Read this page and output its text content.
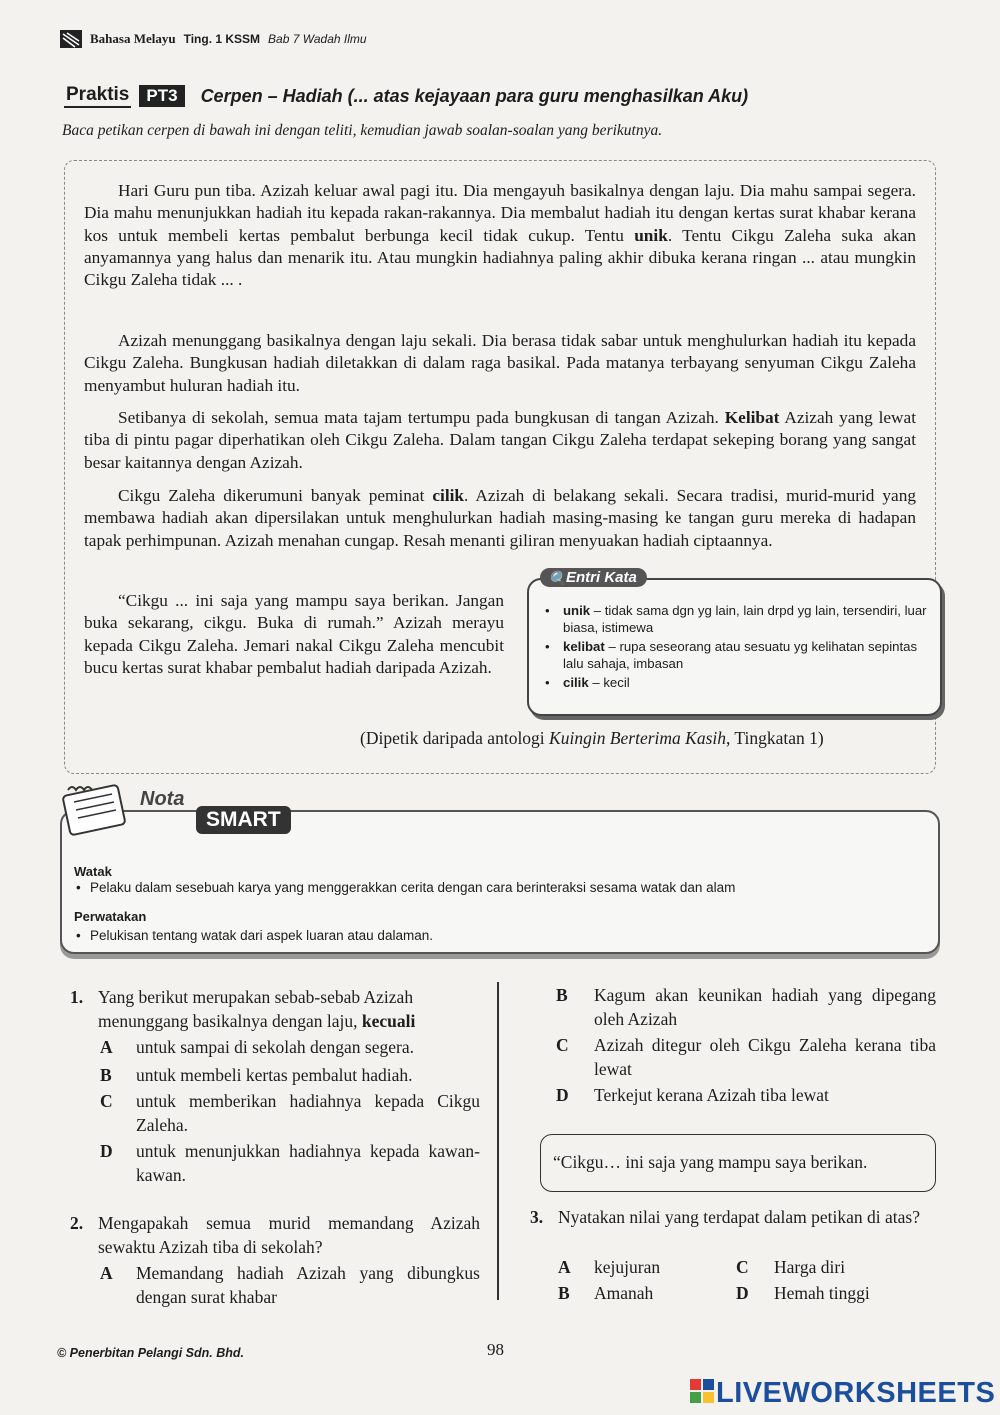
Bahasa Melayu Ting. 1 KSSM Bab 7 Wadah Ilmu
Praktis	PT3	Cerpen – Hadiah (... atas kejayaan para guru menghasilkan Aku)
Baca petikan cerpen di bawah ini dengan teliti, kemudian jawab soalan-soalan yang berikutnya.
Hari Guru pun tiba. Azizah keluar awal pagi itu. Dia mengayuh basikalnya dengan laju. Dia mahu sampai segera. Dia mahu menunjukkan hadiah itu kepada rakan-rakannya. Dia membalut hadiah itu dengan kertas surat khabar kerana kos untuk membeli kertas pembalut berbunga kecil tidak cukup. Tentu unik. Tentu Cikgu Zaleha suka akan anyamannya yang halus dan menarik itu. Atau mungkin hadiahnya paling akhir dibuka kerana ringan ... atau mungkin Cikgu Zaleha tidak ... .
Azizah menunggang basikalnya dengan laju sekali. Dia berasa tidak sabar untuk menghulurkan hadiah itu kepada Cikgu Zaleha. Bungkusan hadiah diletakkan di dalam raga basikal. Pada matanya terbayang senyuman Cikgu Zaleha menyambut huluran hadiah itu.
Setibanya di sekolah, semua mata tajam tertumpu pada bungkusan di tangan Azizah. Kelibat Azizah yang lewat tiba di pintu pagar diperhatikan oleh Cikgu Zaleha. Dalam tangan Cikgu Zaleha terdapat sekeping borang yang sangat besar kaitannya dengan Azizah.
Cikgu Zaleha dikerumuni banyak peminat cilik. Azizah di belakang sekali. Secara tradisi, murid-murid yang membawa hadiah akan dipersilakan untuk menghulurkan hadiah masing-masing ke tangan guru mereka di hadapan tapak perhimpunan. Azizah menahan cungap. Resah menanti giliran menyuakan hadiah ciptaannya.
“Cikgu ... ini saja yang mampu saya berikan. Jangan buka sekarang, cikgu. Buka di rumah.” Azizah merayu kepada Cikgu Zaleha. Jemari nakal Cikgu Zaleha mencubit bucu kertas surat khabar pembalut hadiah daripada Azizah.
• unik – tidak sama dgn yg lain, lain drpd yg lain, tersendiri, luar biasa, istimewa
• kelibat – rupa seseorang atau sesuatu yg kelihatan sepintas lalu sahaja, imbasan
• cilik – kecil
🔍 Entri Kata
(Dipetik daripada antologi Kuingin Berterima Kasih, Tingkatan 1)
Nota
SMART
Watak
• Pelaku dalam sesebuah karya yang menggerakkan cerita dengan cara berinteraksi sesama watak dan alam
Perwatakan
• Pelukisan tentang watak dari aspek luaran atau dalaman.
1. Yang berikut merupakan sebab-sebab Azizah menunggang basikalnya dengan laju, kecuali
A untuk sampai di sekolah dengan segera.
B untuk membeli kertas pembalut hadiah.
C untuk memberikan hadiahnya kepada Cikgu Zaleha.
D untuk menunjukkan hadiahnya kepada kawan-kawan.
2. Mengapakah semua murid memandang Azizah sewaktu Azizah tiba di sekolah?
A Memandang hadiah Azizah yang dibungkus dengan surat khabar
B Kagum akan keunikan hadiah yang dipegang oleh Azizah
C Azizah ditegur oleh Cikgu Zaleha kerana tiba lewat
D Terkejut kerana Azizah tiba lewat
“Cikgu… ini saja yang mampu saya berikan.
3. Nyatakan nilai yang terdapat dalam petikan di atas?
A kejujuran
B Amanah
C Harga diri
D Hemah tinggi
© Penerbitan Pelangi Sdn. Bhd.	98
LIVEWORKSHEETS
